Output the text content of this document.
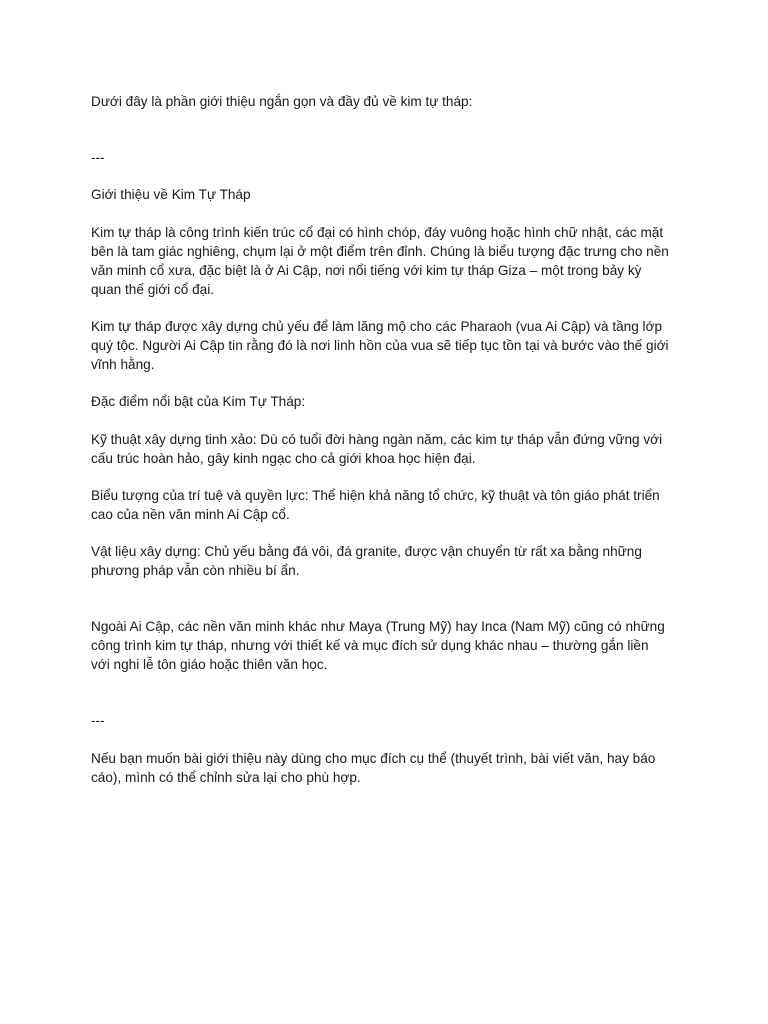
Dưới đây là phần giới thiệu ngắn gọn và đầy đủ về kim tự tháp:

---

Giới thiệu về Kim Tự Tháp

Kim tự tháp là công trình kiến trúc cổ đại có hình chóp, đáy vuông hoặc hình chữ nhật, các mặt
bên là tam giác nghiêng, chụm lại ở một điểm trên đỉnh. Chúng là biểu tượng đặc trưng cho nền
văn minh cổ xưa, đặc biệt là ở Ai Cập, nơi nổi tiếng với kim tự tháp Giza – một trong bảy kỳ
quan thế giới cổ đại.

Kim tự tháp được xây dựng chủ yếu để làm lăng mộ cho các Pharaoh (vua Ai Cập) và tầng lớp
quý tộc. Người Ai Cập tin rằng đó là nơi linh hồn của vua sẽ tiếp tục tồn tại và bước vào thế giới
vĩnh hằng.

Đặc điểm nổi bật của Kim Tự Tháp:

Kỹ thuật xây dựng tinh xảo: Dù có tuổi đời hàng ngàn năm, các kim tự tháp vẫn đứng vững với
cấu trúc hoàn hảo, gây kinh ngạc cho cả giới khoa học hiện đại.

Biểu tượng của trí tuệ và quyền lực: Thể hiện khả năng tổ chức, kỹ thuật và tôn giáo phát triển
cao của nền văn minh Ai Cập cổ.

Vật liệu xây dựng: Chủ yếu bằng đá vôi, đá granite, được vận chuyển từ rất xa bằng những
phương pháp vẫn còn nhiều bí ẩn.

Ngoài Ai Cập, các nền văn minh khác như Maya (Trung Mỹ) hay Inca (Nam Mỹ) cũng có những
công trình kim tự tháp, nhưng với thiết kế và mục đích sử dụng khác nhau – thường gắn liền
với nghi lễ tôn giáo hoặc thiên văn học.

---

Nếu bạn muốn bài giới thiệu này dùng cho mục đích cụ thể (thuyết trình, bài viết văn, hay báo
cáo), mình có thể chỉnh sửa lại cho phù hợp.
